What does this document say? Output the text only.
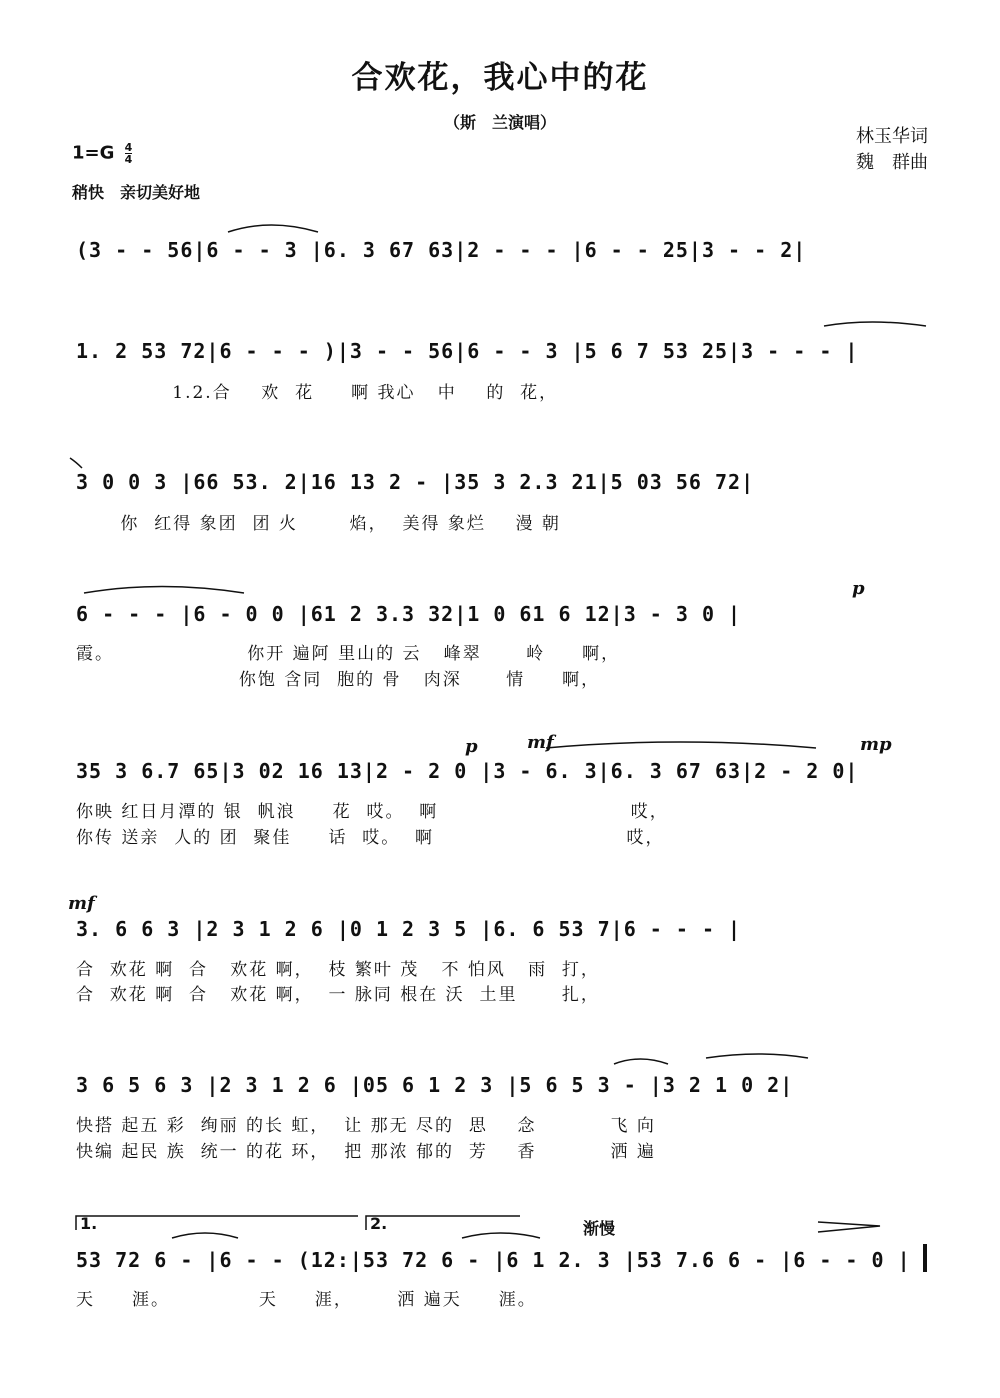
合欢花，我心中的花
（斯　兰演唱）
林玉华词
魏　群曲
$1=G \frac{4}{4}$
稍快　亲切美好地
(3 - - 56|6 - - 3 |6. 3 67 63|2 - - - |6 - - 25|3 - - 2|
1. 2 53 72|6 - - - )|3 - - 56|6 - - 3 |5 6 7 53 25|3 - - - |
1.2.合    欢  花     啊 我心   中    的  花，
3 0 0 3 |66 53. 2|16 13 2 - |35 3 2.3 21|5 03 56 72|
你  红得 象团  团 火       焰，  美得 象烂    漫 朝
p
6 - - - |6 - 0 0 |61 2 3.3 32|1 0 61 6 12|3 - 3 0 |
霞。                  你开 遍阿 里山的 云   峰翠      岭     啊，
你饱 含同  胞的 骨   肉深      情     啊，
p	mf	mp
35 3 6.7 65|3 02 16 13|2 - 2 0 |3 - 6. 3|6. 3 67 63|2 - 2 0|
你映 红日月潭的 银  帆浪     花  哎。  啊                          哎，
你传 送亲  人的 团  聚佳     话  哎。  啊                          哎，
mf
3. 6 6 3 |2 3 1 2 6 |0 1 2 3 5 |6. 6 53 7|6 - - - |
合  欢花 啊  合   欢花 啊，  枝 繁叶 茂   不 怕风   雨  打，
合  欢花 啊  合   欢花 啊，  一 脉同 根在 沃  土里      扎，
3 6 5 6 3 |2 3 1 2 6 |05 6 1 2 3 |5 6 5 3 - |3 2 1 0 2|
快搭 起五 彩  绚丽 的长 虹，  让 那无 尽的  思    念          飞 向
快编 起民 族  统一 的花 环，  把 那浓 郁的  芳    香          洒 遍
1.	2.	渐慢
53 72 6 - |6 - - (12:|53 72 6 - |6 1 2. 3 |53 7.6 6 - |6 - - 0 |
天     涯。            天     涯，      洒 遍天     涯。
